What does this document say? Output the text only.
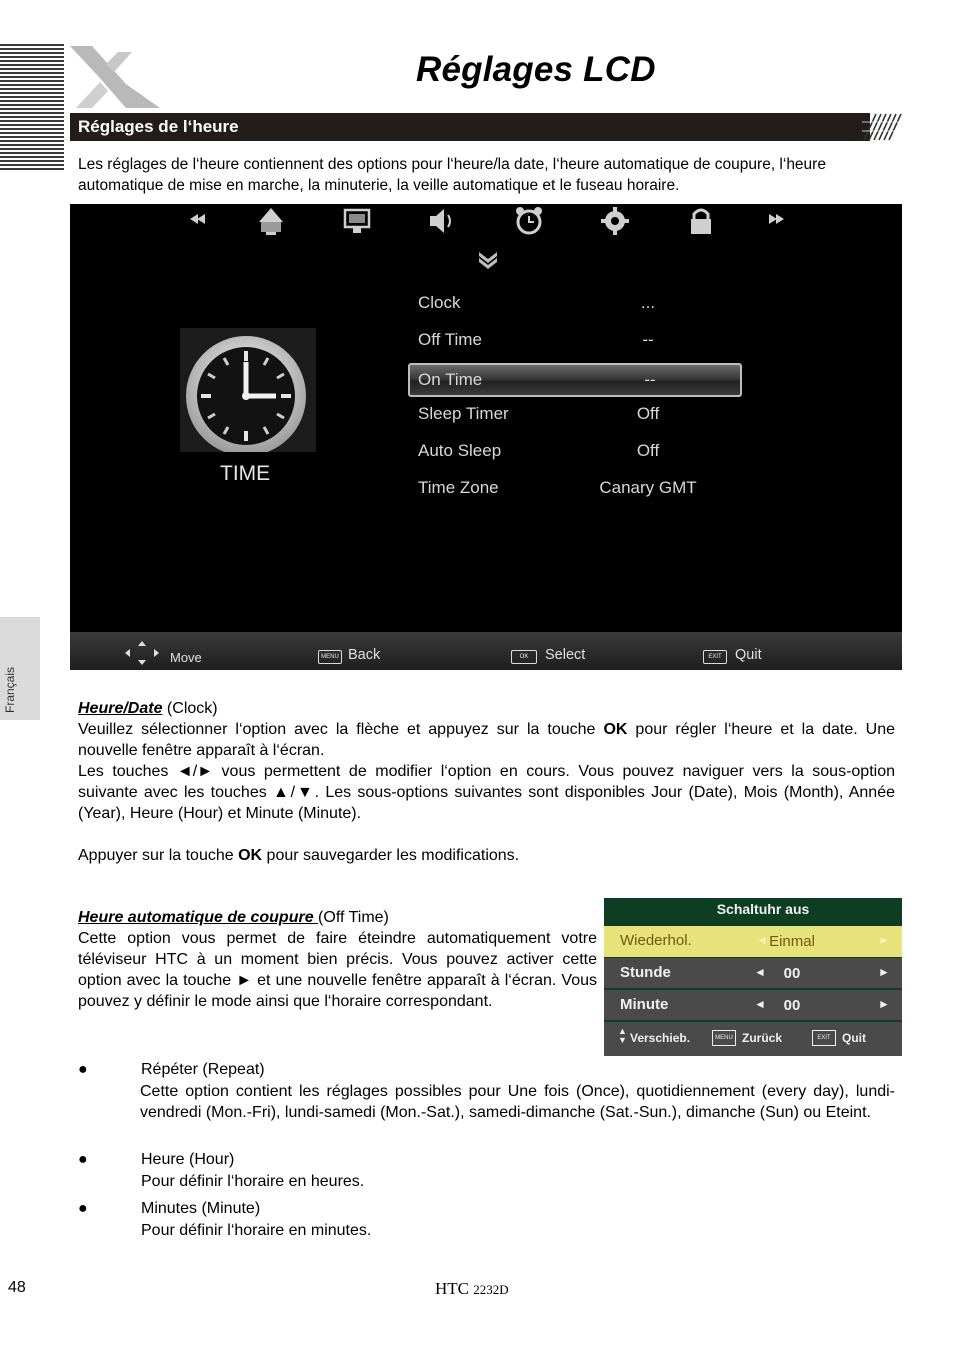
Réglages LCD
Réglages de l‘heure
Les réglages de l‘heure contiennent des options pour l‘heure/la date, l‘heure automatique de coupure, l‘heure automatique de mise en marche, la minuterie, la veille automatique et le fuseau horaire.
Français
TIME
Clock	...
Off Time	--
On Time	--
Sleep Timer	Off
Auto Sleep	Off
Time Zone	Canary GMT
Move	MENU Back	OK	Select	EXIT Quit
Heure/Date (Clock)
Veuillez sélectionner l‘option avec la flèche et appuyez sur la touche OK pour régler l‘heure et la date. Une nouvelle fenêtre apparaît à l‘écran.
Les touches ◄/► vous permettent de modifier l‘option en cours. Vous pouvez naviguer vers la sous-option suivante avec les touches ▲/▼. Les sous-options suivantes sont disponibles Jour (Date), Mois (Month), Année (Year), Heure (Hour) et Minute (Minute).
Appuyer sur la touche OK pour sauvegarder les modifications.
Heure automatique de coupure (Off Time)
Cette option vous permet de faire éteindre automatiquement votre téléviseur HTC à un moment bien précis. Vous pouvez activer cette option avec la touche ► et une nouvelle fenêtre apparaît à l‘écran. Vous pouvez y définir le mode ainsi que l‘horaire correspondant.
Schaltuhr aus
Wiederhol.	◄ Einmal	►
Stunde	◄	00	►
Minute	◄	00	►
▲
▼ Verschieb.	MENU Zurück	EXIT Quit
●	Répéter (Repeat)
Cette option contient les réglages possibles pour Une fois (Once), quotidiennement (every day), lundi-vendredi (Mon.-Fri), lundi-samedi (Mon.-Sat.), samedi-dimanche (Sat.-Sun.), dimanche (Sun) ou Eteint.
●	Heure (Hour)
Pour définir l‘horaire en heures.
●	Minutes (Minute)
Pour définir l‘horaire en minutes.
48	HTC 2232D
